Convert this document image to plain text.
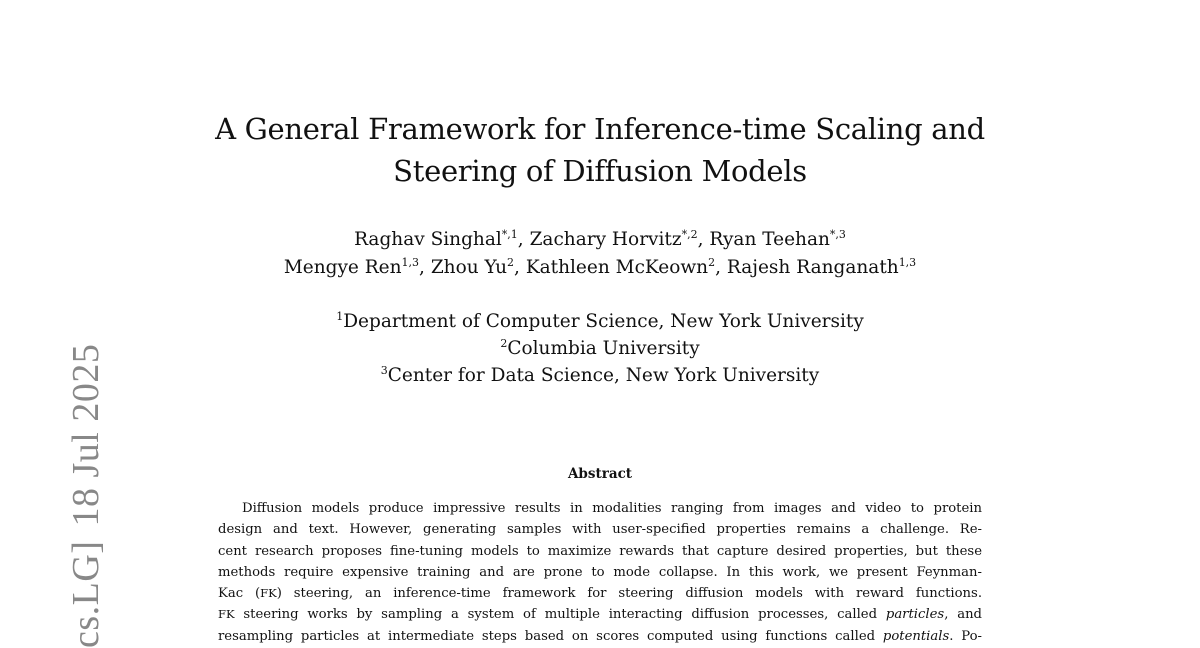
cs.LG]18 Jul 2025
A General Framework for Inference-time Scaling and
Steering of Diffusion Models
Raghav Singhal$^{*,1}$, Zachary Horvitz$^{*,2}$, Ryan Teehan$^{*,3}$
Mengye Ren$^{1,3}$, Zhou Yu$^2$, Kathleen McKeown$^2$, Rajesh Ranganath$^{1,3}$
$^1$Department of Computer Science, New York University
$^2$Columbia University
$^3$Center for Data Science, New York University
Abstract
Diffusion models produce impressive results in modalities ranging from images and video to protein
design and text. However, generating samples with user-specified properties remains a challenge. Re-
cent research proposes fine-tuning models to maximize rewards that capture desired properties, but these
methods require expensive training and are prone to mode collapse. In this work, we present Feynman-
Kac (FK) steering, an inference-time framework for steering diffusion models with reward functions.
FK steering works by sampling a system of multiple interacting diffusion processes, called particles, and
resampling particles at intermediate steps based on scores computed using functions called potentials. Po-
